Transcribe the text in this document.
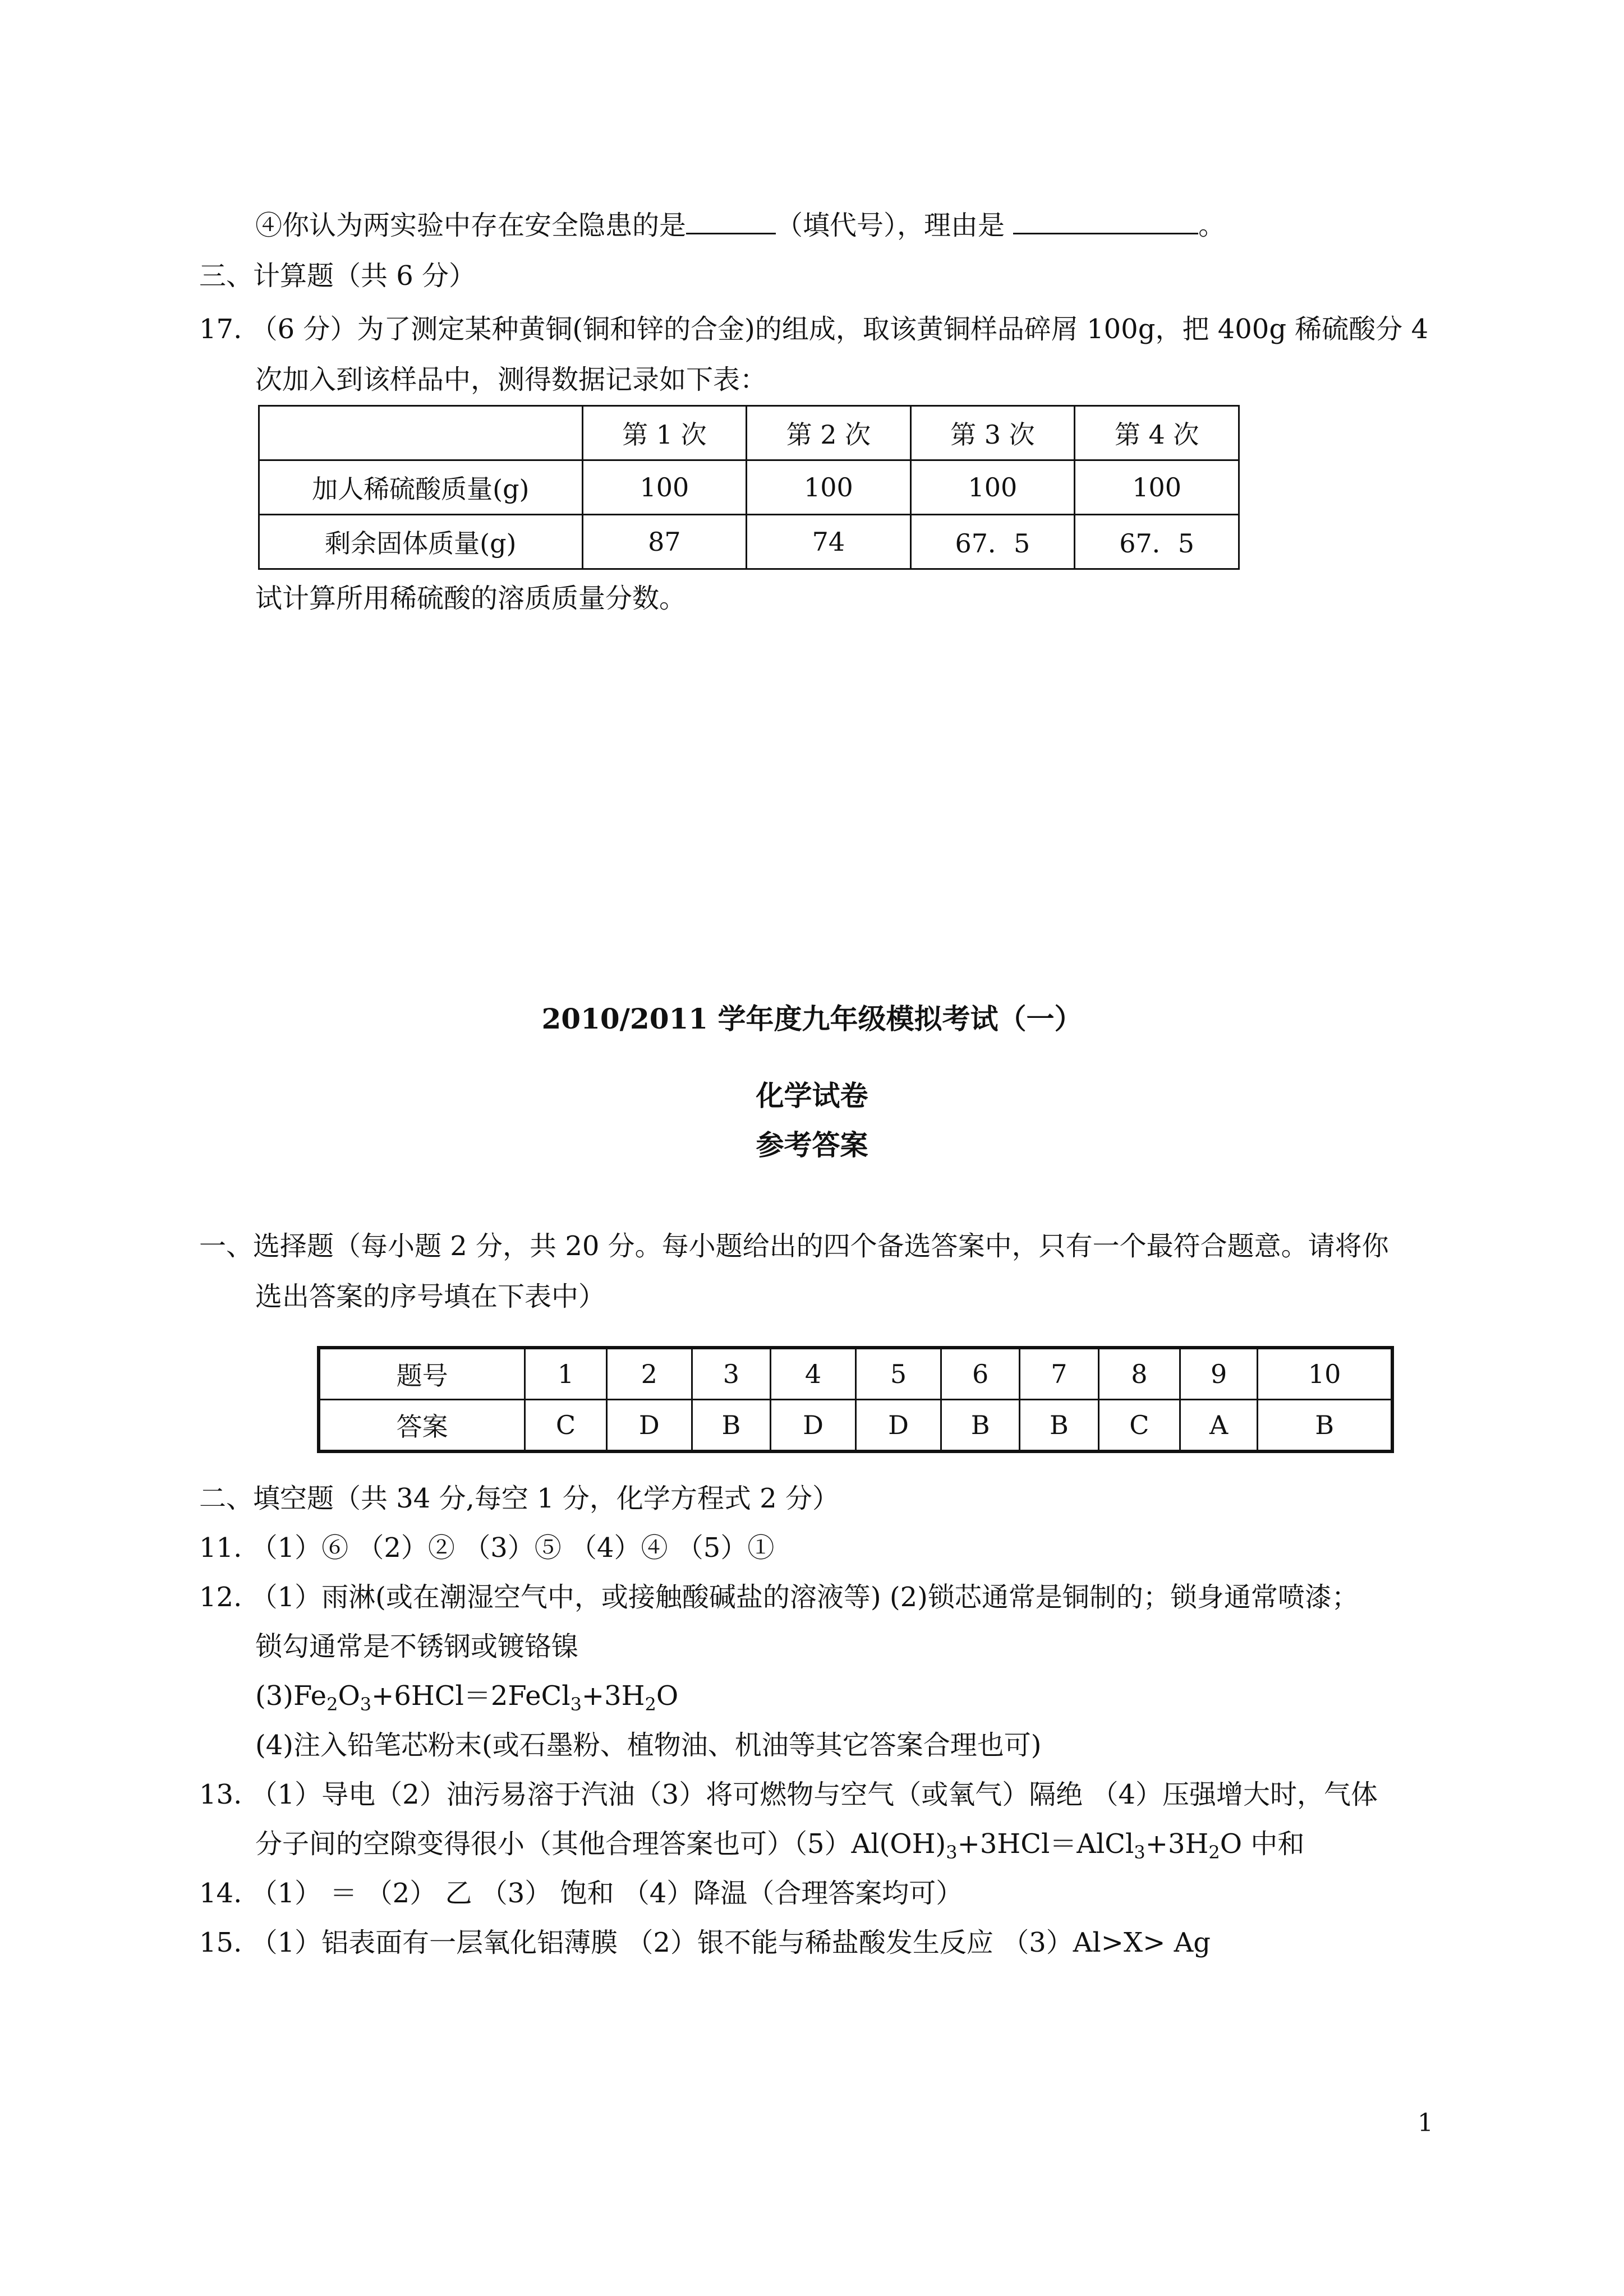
④你认为两实验中存在安全隐患的是	（填代号），理由是	。
三、计算题（共 6 分）
17. （6 分）为了测定某种黄铜(铜和锌的合金)的组成，取该黄铜样品碎屑 100g，把 400g 稀硫酸分 4
次加入到该样品中，测得数据记录如下表：
	第 1 次	第 2 次	第 3 次	第 4 次
加人稀硫酸质量(g)	100	100	100	100
剩余固体质量(g)	87	74	67．5	67．5
试计算所用稀硫酸的溶质质量分数。
2010/2011 学年度九年级模拟考试（一）
化学试卷
参考答案
一、选择题（每小题 2 分，共 20 分。每小题给出的四个备选答案中，只有一个最符合题意。请将你
选出答案的序号填在下表中）
题号	1	2	3	4	5	6	7	8	9	10
答案	C	D	B	D	D	B	B	C	A	B
二、填空题（共 34 分,每空 1 分，化学方程式 2 分）
11. （1）⑥ （2）② （3）⑤ （4）④ （5）①
12. （1）雨淋(或在潮湿空气中，或接触酸碱盐的溶液等) (2)锁芯通常是铜制的；锁身通常喷漆；
锁勾通常是不锈钢或镀铬镍
$(3)Fe_2O_3+6HCl=2FeCl_3+3H_2O$
(4)注入铅笔芯粉末(或石墨粉、植物油、机油等其它答案合理也可)
13. （1）导电（2）油污易溶于汽油（3）将可燃物与空气（或氧气）隔绝 （4）压强增大时，气体
分子间的空隙变得很小（其他合理答案也可）$(5)Al(OH)_3+3HCl=AlCl_3+3H_2O$ 中和
14. （1） ＝ （2） 乙 （3） 饱和 （4）降温（合理答案均可）
15. （1）铝表面有一层氧化铝薄膜 （2）银不能与稀盐酸发生反应 （3）Al>X> Ag
1
